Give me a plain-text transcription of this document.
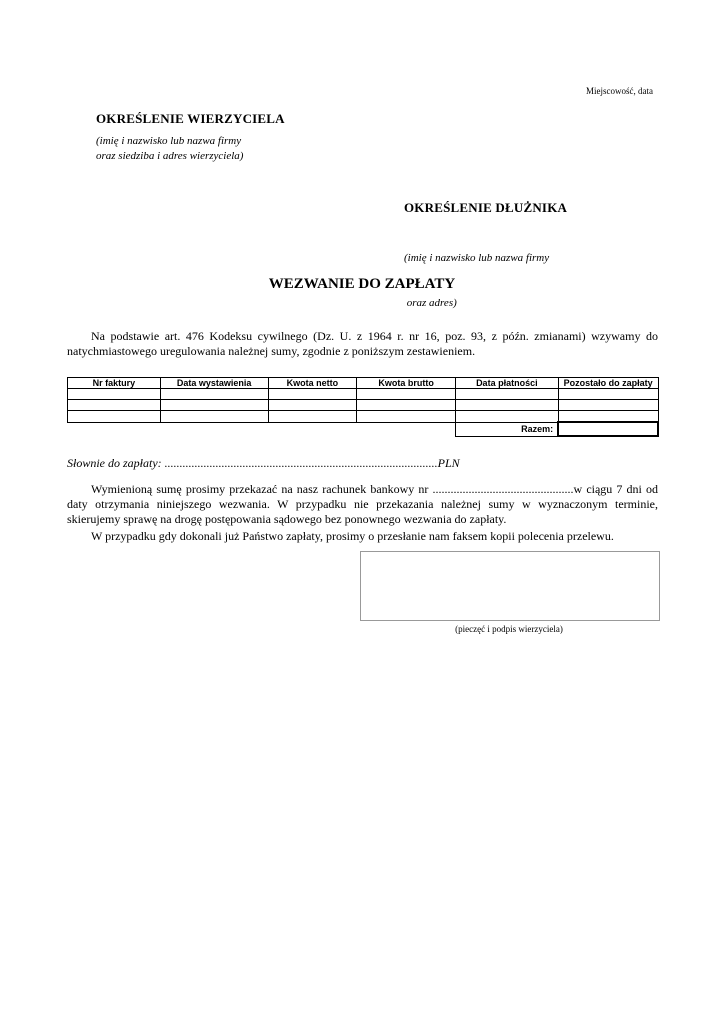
Miejscowość, data
OKREŚLENIE WIERZYCIELA
(imię i nazwisko lub nazwa firmy
oraz siedziba i adres wierzyciela)
OKREŚLENIE DŁUŻNIKA

(imię i nazwisko lub nazwa firmy

oraz adres)

WEZWANIE DO ZAPŁATY
Na podstawie art. 476 Kodeksu cywilnego (Dz. U. z 1964 r. nr 16, poz. 93, z późn. zmianami) wzywamy do natychmiastowego uregulowania należnej sumy, zgodnie z poniższym zestawieniem.
Nr faktury	Data wystawienia	Kwota netto	Kwota brutto	Data płatności	Pozostało do zapłaty

				Razem:	
Słownie do zapłaty: ...........................................................................................PLN
Wymienioną sumę prosimy przekazać na nasz rachunek bankowy nr ...............................................w ciągu 7 dni od daty otrzymania niniejszego wezwania. W przypadku nie przekazania należnej sumy w wyznaczonym terminie, skierujemy sprawę na drogę postępowania sądowego bez ponownego wezwania do zapłaty.
W przypadku gdy dokonali już Państwo zapłaty, prosimy o przesłanie nam faksem kopii polecenia przelewu.
(pieczęć i podpis wierzyciela)
